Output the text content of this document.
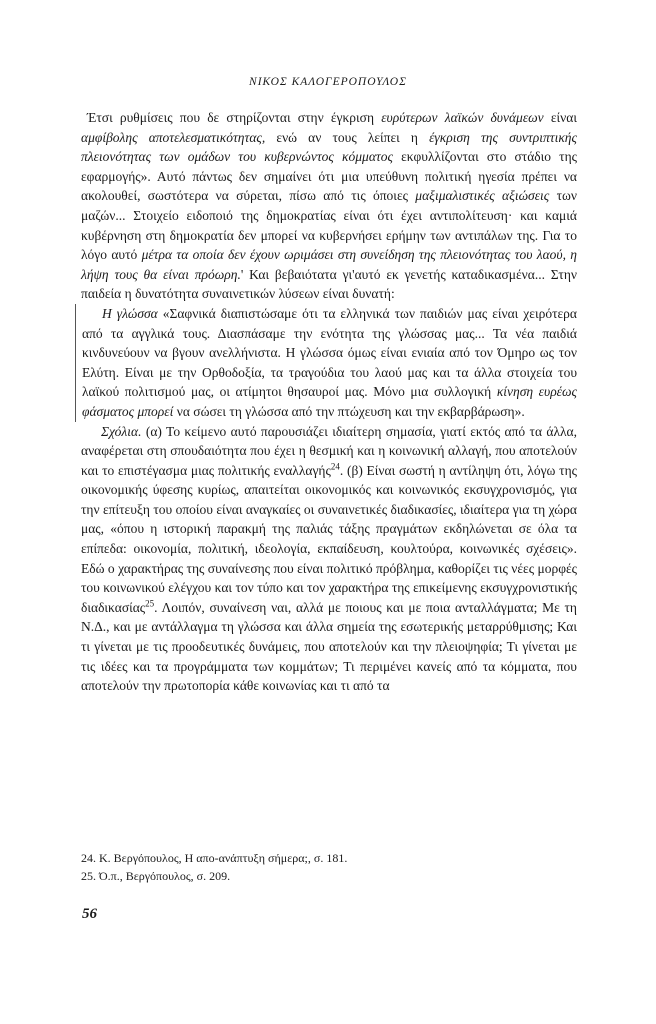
ΝΙΚΟΣ ΚΑΛΟΓΕΡΟΠΟΥΛΟΣ

Έτσι ρυθμίσεις που δε στηρίζονται στην έγκριση ευρύτερων λαϊκών δυνάμεων είναι αμφίβολης αποτελεσματικότητας, ενώ αν τους λείπει η έγκριση της συντριπτικής πλειονότητας των ομάδων του κυβερνώντος κόμματος εκφυλλίζονται στο στάδιο της εφαρμογής». Αυτό πάντως δεν σημαίνει ότι μια υπεύθυνη πολιτική ηγεσία πρέπει να ακολουθεί, σωστότερα να σύρεται, πίσω από τις όποιες μαξιμαλιστικές αξιώσεις των μαζών... Στοιχείο ειδοποιό της δημοκρατίας είναι ότι έχει αντιπολίτευση· και καμιά κυβέρνηση στη δημοκρατία δεν μπορεί να κυβερνήσει ερήμην των αντιπάλων της. Για το λόγο αυτό μέτρα τα οποία δεν έχουν ωριμάσει στη συνείδηση της πλειονότητας του λαού, η λήψη τους θα είναι πρόωρη.' Και βεβαιότατα γι'αυτό εκ γενετής καταδικασμένα... Στην παιδεία η δυνατότητα συναινετικών λύσεων είναι δυνατή:

Η γλώσσα «Σαφνικά διαπιστώσαμε ότι τα ελληνικά των παιδιών μας είναι χειρότερα από τα αγγλικά τους. Διασπάσαμε την ενότητα της γλώσσας μας... Τα νέα παιδιά κινδυνεύουν να βγουν ανελλήνιστα. Η γλώσσα όμως είναι ενιαία από τον Όμηρο ως τον Ελύτη. Είναι με την Ορθοδοξία, τα τραγούδια του λαού μας και τα άλλα στοιχεία του λαϊκού πολιτισμού μας, οι ατίμητοι θησαυροί μας. Μόνο μια συλλογική κίνηση ευρέως φάσματος μπορεί να σώσει τη γλώσσα από την πτώχευση και την εκβαρβάρωση».

Σχόλια. (α) Το κείμενο αυτό παρουσιάζει ιδιαίτερη σημασία, γιατί εκτός από τα άλλα, αναφέρεται στη σπουδαιότητα που έχει η θεσμική και η κοινωνική αλλαγή, που αποτελούν και το επιστέγασμα μιας πολιτικής εναλλαγής$^{24}$. (β) Είναι σωστή η αντίληψη ότι, λόγω της οικονομικής ύφεσης κυρίως, απαιτείται οικονομικός και κοινωνικός εκσυγχρονισμός, για την επίτευξη του οποίου είναι αναγκαίες οι συναινετικές διαδικασίες, ιδιαίτερα για τη χώρα μας, «όπου η ιστορική παρακμή της παλιάς τάξης πραγμάτων εκδηλώνεται σε όλα τα επίπεδα: οικονομία, πολιτική, ιδεολογία, εκπαίδευση, κουλτούρα, κοινωνικές σχέσεις». Εδώ ο χαρακτήρας της συναίνεσης που είναι πολιτικό πρόβλημα, καθορίζει τις νέες μορφές του κοινωνικού ελέγχου και τον τύπο και τον χαρακτήρα της επικείμενης εκσυγχρονιστικής διαδικασίας$^{25}$. Λοιπόν, συναίνεση ναι, αλλά με ποιους και με ποια ανταλλάγματα; Με τη Ν.Δ., και με αντάλλαγμα τη γλώσσα και άλλα σημεία της εσωτερικής μεταρρύθμισης; Και τι γίνεται με τις προοδευτικές δυνάμεις, που αποτελούν και την πλειοψηφία; Τι γίνεται με τις ιδέες και τα προγράμματα των κομμάτων; Τι περιμένει κανείς από τα κόμματα, που αποτελούν την πρωτοπορία κάθε κοινωνίας και τι από τα

24. Κ. Βεργόπουλος, Η απο-ανάπτυξη σήμερα;, σ. 181.

25. Ό.π., Βεργόπουλος, σ. 209.

56
